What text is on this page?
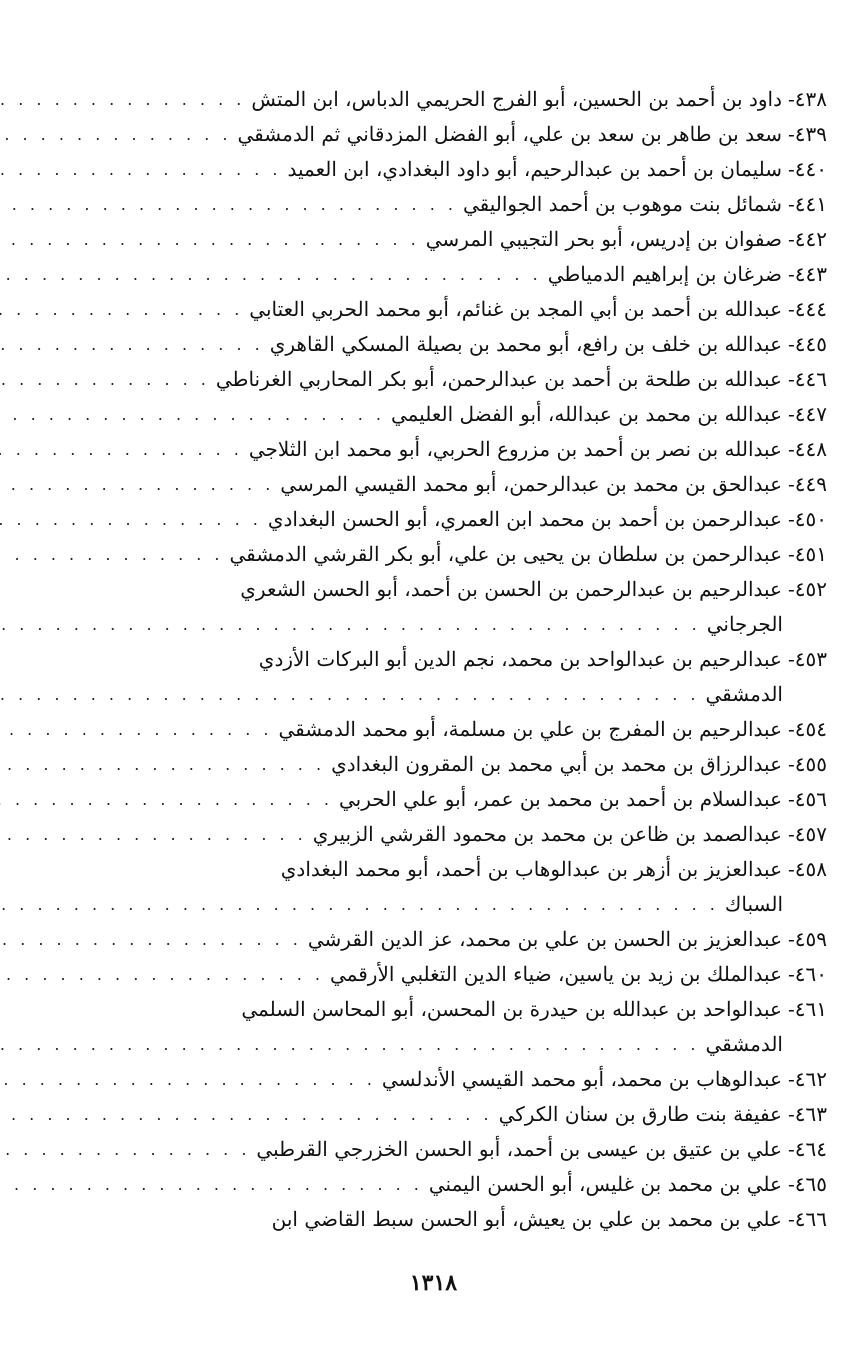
٤٣٨-
داود بن أحمد بن الحسين، أبو الفرج الحريمي الدباس، ابن المتش
. . .
٤٣٩-
سعد بن طاهر بن سعد بن علي، أبو الفضل المزدقاني ثم الدمشقي
. . .
٤٤٠-
سليمان بن أحمد بن عبدالرحيم، أبو داود البغدادي، ابن العميد
. . .
٤٤١-
شمائل بنت موهوب بن أحمد الجواليقي
. . .
٤٤٢-
صفوان بن إدريس، أبو بحر التجيبي المرسي
. . .
٤٤٣-
ضرغان بن إبراهيم الدمياطي
. . .
٤٤٤-
عبدالله بن أحمد بن أبي المجد بن غنائم، أبو محمد الحربي العتابي
. . .
٤٤٥-
عبدالله بن خلف بن رافع، أبو محمد بن بصيلة المسكي القاهري
. . .
٤٤٦-
عبدالله بن طلحة بن أحمد بن عبدالرحمن، أبو بكر المحاربي الغرناطي
. . .
٤٤٧-
عبدالله بن محمد بن عبدالله، أبو الفضل العليمي
. . .
٤٤٨-
عبدالله بن نصر بن أحمد بن مزروع الحربي، أبو محمد ابن الثلاجي
. . .
٤٤٩-
عبدالحق بن محمد بن عبدالرحمن، أبو محمد القيسي المرسي
. . .
٤٥٠-
عبدالرحمن بن أحمد بن محمد ابن العمري، أبو الحسن البغدادي
. . .
٤٥١-
عبدالرحمن بن سلطان بن يحيى بن علي، أبو بكر القرشي الدمشقي
. . .
٤٥٢-
عبدالرحيم بن عبدالرحمن بن الحسن بن أحمد، أبو الحسن الشعري
الجرجاني
. . .
٤٥٣-
عبدالرحيم بن عبدالواحد بن محمد، نجم الدين أبو البركات الأزدي
الدمشقي
. . .
٤٥٤-
عبدالرحيم بن المفرج بن علي بن مسلمة، أبو محمد الدمشقي
. . .
٤٥٥-
عبدالرزاق بن محمد بن أبي محمد بن المقرون البغدادي
. . .
٤٥٦-
عبدالسلام بن أحمد بن محمد بن عمر، أبو علي الحربي
. . .
٤٥٧-
عبدالصمد بن ظاعن بن محمد بن محمود القرشي الزبيري
. . .
٤٥٨-
عبدالعزيز بن أزهر بن عبدالوهاب بن أحمد، أبو محمد البغدادي
السباك
. . .
٤٥٩-
عبدالعزيز بن الحسن بن علي بن محمد، عز الدين القرشي
. . .
٤٦٠-
عبدالملك بن زيد بن ياسين، ضياء الدين التغلبي الأرقمي
. . .
٤٦١-
عبدالواحد بن عبدالله بن حيدرة بن المحسن، أبو المحاسن السلمي
الدمشقي
. . .
٤٦٢-
عبدالوهاب بن محمد، أبو محمد القيسي الأندلسي
. . .
٤٦٣-
عفيفة بنت طارق بن سنان الكركي
. . .
٤٦٤-
علي بن عتيق بن عيسى بن أحمد، أبو الحسن الخزرجي القرطبي
. . .
٤٦٥-
علي بن محمد بن غليس، أبو الحسن اليمني
. . .
٤٦٦-
علي بن محمد بن علي بن يعيش، أبو الحسن سبط القاضي ابن
١٣١٨
